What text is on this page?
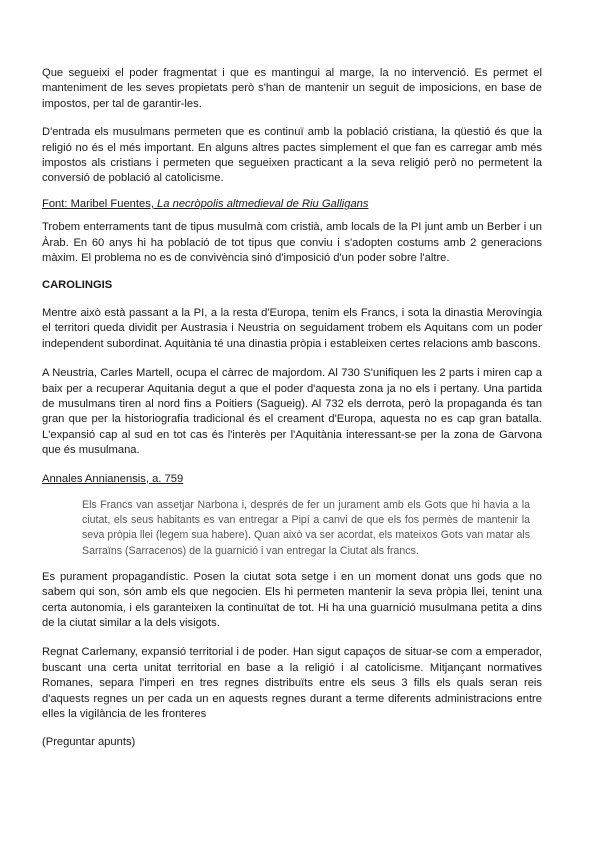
Que segueixi el poder fragmentat i que es mantingui al marge, la no intervenció. Es permet el manteniment de les seves propietats però s'han de mantenir un seguit de imposicions, en base de impostos, per tal de garantir-les.

D'entrada els musulmans permeten que es continuï amb la població cristiana, la qüestió és que la religió no és el més important. En alguns altres pactes simplement el que fan es carregar amb més impostos als cristians i permeten que segueixen practicant a la seva religió però no permetent la conversió de població al catolicisme.

Font: Maribel Fuentes, La necròpolis altmedieval de Riu Galligans

Trobem enterraments tant de tipus musulmà com cristià, amb locals de la PI junt amb un Berber i un Àrab. En 60 anys hi ha població de tot tipus que conviu i s'adopten costums amb 2 generacions màxim. El problema no es de convivència sinó d'imposició d'un poder sobre l'altre.

CAROLINGIS

Mentre això està passant a la PI, a la resta d'Europa, tenim els Francs, i sota la dinastia Merovíngia el territori queda dividit per Austrasia i Neustria on seguidament trobem els Aquitans com un poder independent subordinat. Aquitània té una dinastia pròpia i estableixen certes relacions amb bascons.

A Neustria, Carles Martell, ocupa el càrrec de majordom. Al 730 S'unifiquen les 2 parts i miren cap a baix per a recuperar Aquitania degut a que el poder d'aquesta zona ja no els i pertany. Una partida de musulmans tiren al nord fins a Poitiers (Sagueig). Al 732 els derrota, però la propaganda és tan gran que per la historiografia tradicional és el creament d'Europa, aquesta no es cap gran batalla. L'expansió cap al sud en tot cas és l'interès per l'Aquitània interessant-se per la zona de Garvona que és musulmana.

Annales Annianensis, a. 759

Els Francs van assetjar Narbona i, després de fer un jurament amb els Gots que hi havia a la ciutat, els seus habitants es van entregar a Pipí a canvi de que els fos permès de mantenir la seva pròpia llei (legem sua habere). Quan això va ser acordat, els mateixos Gots van matar als Sarraïns (Sarracenos) de la guarnició i van entregar la Ciutat als francs.

Es purament propagandístic. Posen la ciutat sota setge i en un moment donat uns gods que no sabem qui son, són amb els que negocien. Els hi permeten mantenir la seva pròpia llei, tenint una certa autonomia, i els garanteixen la continuïtat de tot. Hi ha una guarnició musulmana petita a dins de la ciutat similar a la dels visigots.

Regnat Carlemany, expansió territorial i de poder. Han sigut capaços de situar-se com a emperador, buscant una certa unitat territorial en base a la religió i al catolicisme. Mitjançant normatives Romanes, separa l'imperi en tres regnes distribuïts entre els seus 3 fills els quals seran reis d'aquests regnes un per cada un en aquests regnes durant a terme diferents administracions entre elles la vigilància de les fronteres

(Preguntar apunts)
